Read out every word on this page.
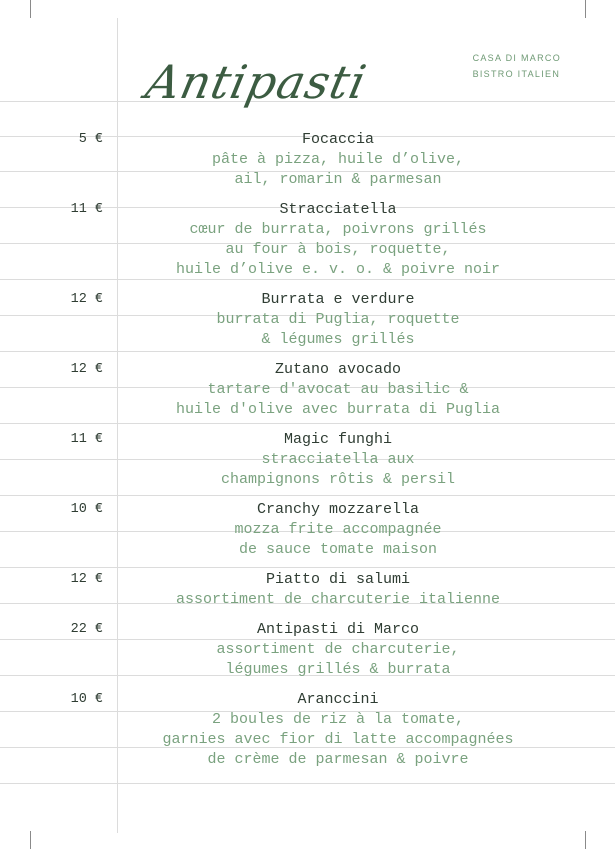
CASA DI MARCO
BISTRO ITALIEN
Antipasti
5 €	Focaccia
pâte à pizza, huile d’olive,
ail, romarin & parmesan
11 €	Stracciatella
cœur de burrata, poivrons grillés
au four à bois, roquette,
huile d’olive e. v. o. & poivre noir
12 €	Burrata e verdure
burrata di Puglia, roquette
& légumes grillés
12 €	Zutano avocado
tartare d'avocat au basilic &
huile d'olive avec burrata di Puglia
11 €	Magic funghi
stracciatella aux
champignons rôtis & persil
10 €	Cranchy mozzarella
mozza frite accompagnée
de sauce tomate maison
12 €	Piatto di salumi
assortiment de charcuterie italienne
22 €	Antipasti di Marco
assortiment de charcuterie,
légumes grillés & burrata
10 €	Aranccini
2 boules de riz à la tomate,
garnies avec fior di latte accompagnées
de crème de parmesan & poivre
